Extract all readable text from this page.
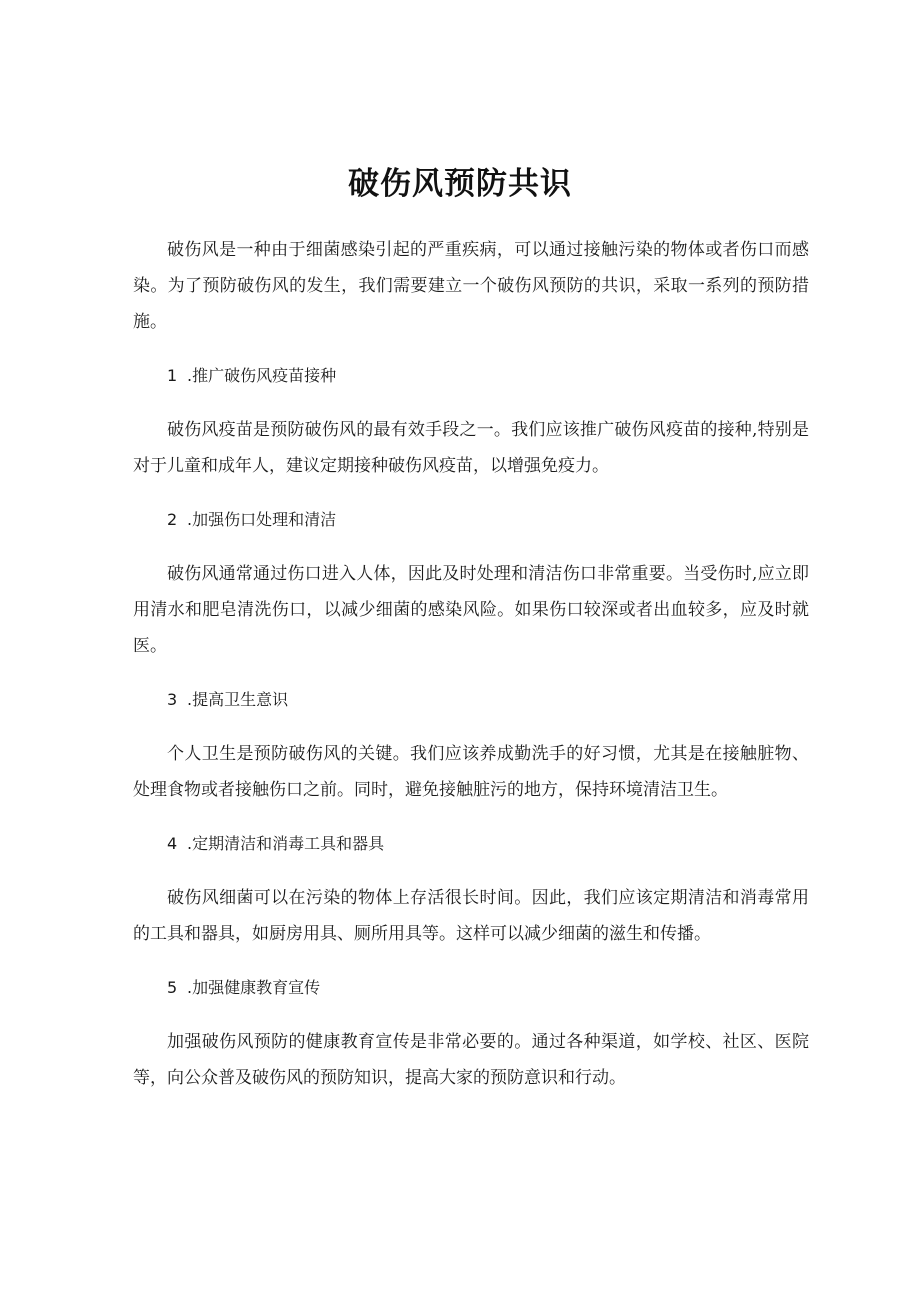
破伤风预防共识

破伤风是一种由于细菌感染引起的严重疾病，可以通过接触污染的物体或者伤口而感染。为了预防破伤风的发生，我们需要建立一个破伤风预防的共识，采取一系列的预防措施。

1 .推广破伤风疫苗接种

破伤风疫苗是预防破伤风的最有效手段之一。我们应该推广破伤风疫苗的接种,特别是对于儿童和成年人，建议定期接种破伤风疫苗，以增强免疫力。

2 .加强伤口处理和清洁

破伤风通常通过伤口进入人体，因此及时处理和清洁伤口非常重要。当受伤时,应立即用清水和肥皂清洗伤口，以减少细菌的感染风险。如果伤口较深或者出血较多，应及时就医。

3 .提高卫生意识

个人卫生是预防破伤风的关键。我们应该养成勤洗手的好习惯，尤其是在接触脏物、处理食物或者接触伤口之前。同时，避免接触脏污的地方，保持环境清洁卫生。

4 .定期清洁和消毒工具和器具

破伤风细菌可以在污染的物体上存活很长时间。因此，我们应该定期清洁和消毒常用的工具和器具，如厨房用具、厕所用具等。这样可以减少细菌的滋生和传播。

5 .加强健康教育宣传

加强破伤风预防的健康教育宣传是非常必要的。通过各种渠道，如学校、社区、医院等，向公众普及破伤风的预防知识，提高大家的预防意识和行动。
